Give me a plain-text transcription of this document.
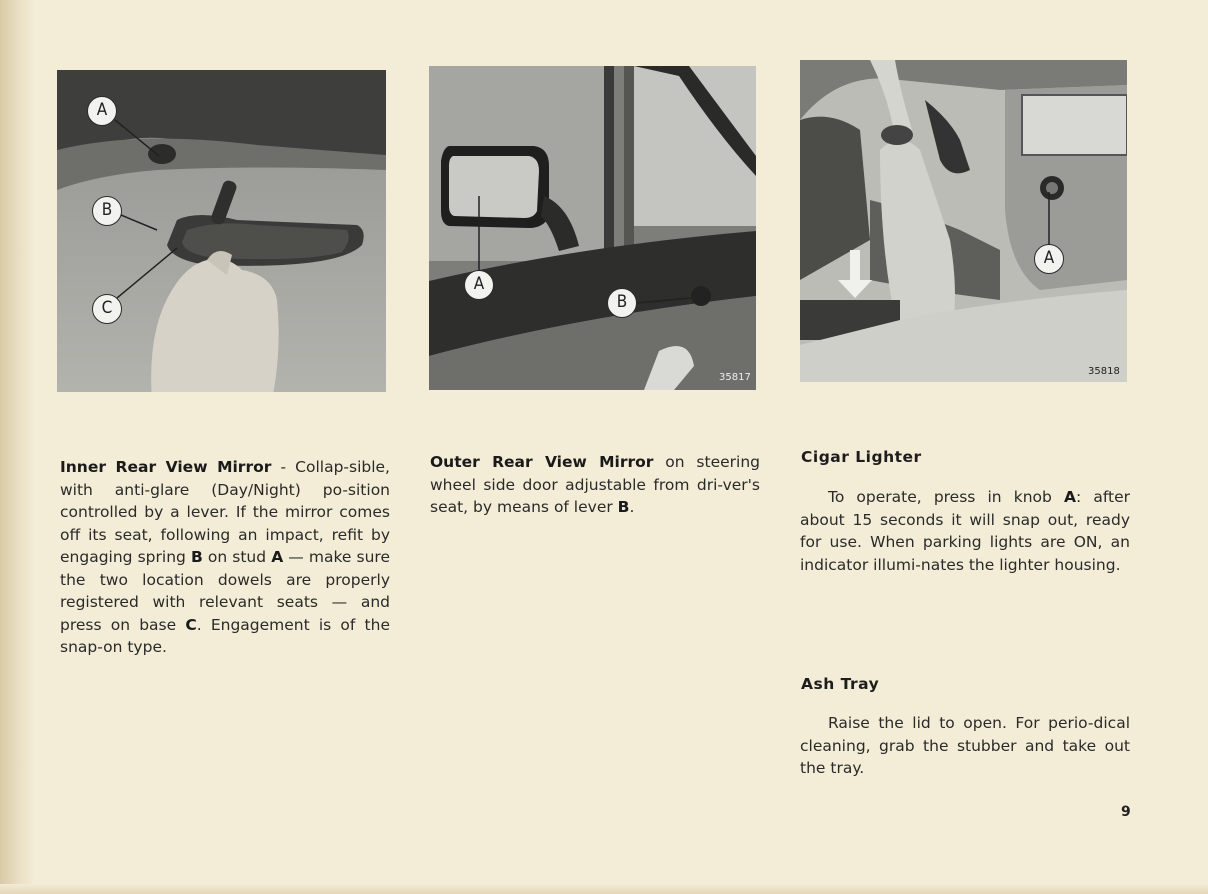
A
B
C
A
B
35817
A
35818
Inner Rear View Mirror - Collap-sible, with anti-glare (Day/Night) po-sition controlled by a lever. If the mirror comes off its seat, following an impact, refit by engaging spring B on stud A — make sure the two location dowels are properly registered with relevant seats — and press on base C. Engagement is of the snap-on type.
Outer Rear View Mirror on steering wheel side door adjustable from dri-ver's seat, by means of lever B.
Cigar Lighter
To operate, press in knob A: after about 15 seconds it will snap out, ready for use. When parking lights are ON, an indicator illumi-nates the lighter housing.
Ash Tray
Raise the lid to open. For perio-dical cleaning, grab the stubber and take out the tray.
9
